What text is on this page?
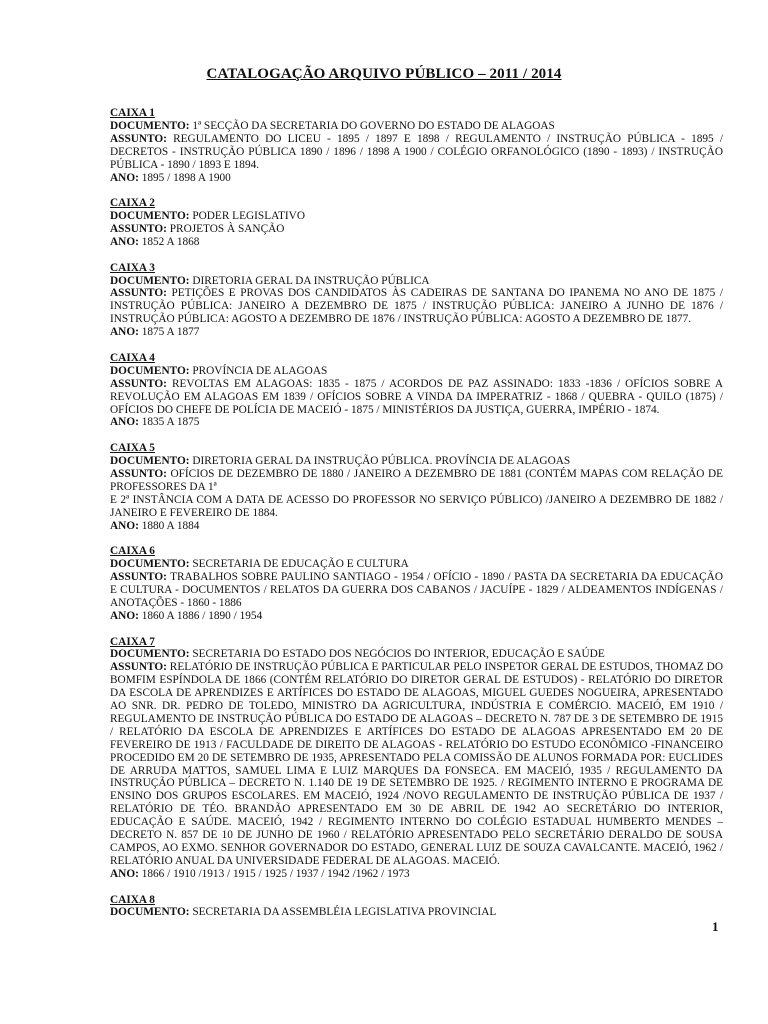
CATALOGAÇÃO ARQUIVO PÚBLICO – 2011 / 2014
CAIXA 1
DOCUMENTO: 1ª SECÇÃO DA SECRETARIA DO GOVERNO DO ESTADO DE ALAGOAS
ASSUNTO: REGULAMENTO DO LICEU - 1895 / 1897 E 1898 / REGULAMENTO / INSTRUÇÃO PÚBLICA - 1895 / DECRETOS - INSTRUÇÃO PÚBLICA 1890 / 1896 / 1898 A 1900 / COLÉGIO ORFANOLÓGICO (1890 - 1893) / INSTRUÇÃO PÚBLICA - 1890 / 1893 E 1894.
ANO: 1895 / 1898 A 1900
CAIXA 2
DOCUMENTO: PODER LEGISLATIVO
ASSUNTO: PROJETOS À SANÇÃO
ANO: 1852 A 1868
CAIXA 3
DOCUMENTO: DIRETORIA GERAL DA INSTRUÇÃO PÚBLICA
ASSUNTO: PETIÇÕES E PROVAS DOS CANDIDATOS ÀS CADEIRAS DE SANTANA DO IPANEMA NO ANO DE 1875 / INSTRUÇÃO PÚBLICA: JANEIRO A DEZEMBRO DE 1875 / INSTRUÇÃO PÚBLICA: JANEIRO A JUNHO DE 1876 / INSTRUÇÃO PÚBLICA: AGOSTO A DEZEMBRO DE 1876 / INSTRUÇÃO PÚBLICA: AGOSTO A DEZEMBRO DE 1877.
ANO: 1875 A 1877
CAIXA 4
DOCUMENTO: PROVÍNCIA DE ALAGOAS
ASSUNTO: REVOLTAS EM ALAGOAS: 1835 - 1875 / ACORDOS DE PAZ ASSINADO: 1833 -1836 / OFÍCIOS SOBRE A REVOLUÇÃO EM ALAGOAS EM 1839 / OFÍCIOS SOBRE A VINDA DA IMPERATRIZ - 1868 / QUEBRA - QUILO (1875) / OFÍCIOS DO CHEFE DE POLÍCIA DE MACEIÓ - 1875 / MINISTÉRIOS DA JUSTIÇA, GUERRA, IMPÉRIO - 1874.
ANO: 1835 A 1875
CAIXA 5
DOCUMENTO: DIRETORIA GERAL DA INSTRUÇÃO PÚBLICA. PROVÍNCIA DE ALAGOAS
ASSUNTO: OFÍCIOS DE DEZEMBRO DE 1880 / JANEIRO A DEZEMBRO DE 1881 (CONTÉM MAPAS COM RELAÇÃO DE PROFESSORES DA 1ª
E 2ª INSTÂNCIA COM A DATA DE ACESSO DO PROFESSOR NO SERVIÇO PÚBLICO) /JANEIRO A DEZEMBRO DE 1882 / JANEIRO E FEVEREIRO DE 1884.
ANO: 1880 A 1884
CAIXA 6
DOCUMENTO: SECRETARIA DE EDUCAÇÃO E CULTURA
ASSUNTO: TRABALHOS SOBRE PAULINO SANTIAGO - 1954 / OFÍCIO - 1890 / PASTA DA SECRETARIA DA EDUCAÇÃO E CULTURA - DOCUMENTOS / RELATOS DA GUERRA DOS CABANOS / JACUÍPE - 1829 / ALDEAMENTOS INDÍGENAS / ANOTAÇÕES - 1860 - 1886
ANO: 1860 A 1886 / 1890 / 1954
CAIXA 7
DOCUMENTO: SECRETARIA DO ESTADO DOS NEGÓCIOS DO INTERIOR, EDUCAÇÃO E SAÚDE
ASSUNTO: RELATÓRIO DE INSTRUÇÃO PÚBLICA E PARTICULAR PELO INSPETOR GERAL DE ESTUDOS, THOMAZ DO BOMFIM ESPÍNDOLA DE 1866 (CONTÉM RELATÓRIO DO DIRETOR GERAL DE ESTUDOS) - RELATÓRIO DO DIRETOR DA ESCOLA DE APRENDIZES E ARTÍFICES DO ESTADO DE ALAGOAS, MIGUEL GUEDES NOGUEIRA, APRESENTADO AO SNR. DR. PEDRO DE TOLEDO, MINISTRO DA AGRICULTURA, INDÚSTRIA E COMÉRCIO. MACEIÓ, EM 1910 / REGULAMENTO DE INSTRUÇÃO PÚBLICA DO ESTADO DE ALAGOAS – DECRETO N. 787 DE 3 DE SETEMBRO DE 1915 / RELATÓRIO DA ESCOLA DE APRENDIZES E ARTÍFICES DO ESTADO DE ALAGOAS APRESENTADO EM 20 DE FEVEREIRO DE 1913 / FACULDADE DE DIREITO DE ALAGOAS - RELATÓRIO DO ESTUDO ECONÔMICO -FINANCEIRO PROCEDIDO EM 20 DE SETEMBRO DE 1935, APRESENTADO PELA COMISSÃO DE ALUNOS FORMADA POR: EUCLIDES DE ARRUDA MATTOS, SAMUEL LIMA E LUIZ MARQUES DA FONSECA. EM MACEIÓ, 1935 / REGULAMENTO DA INSTRUÇÃO PÚBLICA – DECRETO N. 1.140 DE 19 DE SETEMBRO DE 1925. / REGIMENTO INTERNO E PROGRAMA DE ENSINO DOS GRUPOS ESCOLARES. EM MACEIÓ, 1924 /NOVO REGULAMENTO DE INSTRUÇÃO PÚBLICA DE 1937 / RELATÓRIO DE TÉO. BRANDÃO APRESENTADO EM 30 DE ABRIL DE 1942 AO SECRETÁRIO DO INTERIOR, EDUCAÇÃO E SAÚDE. MACEIÓ, 1942 / REGIMENTO INTERNO DO COLÉGIO ESTADUAL HUMBERTO MENDES – DECRETO N. 857 DE 10 DE JUNHO DE 1960 / RELATÓRIO APRESENTADO PELO SECRETÁRIO DERALDO DE SOUSA CAMPOS, AO EXMO. SENHOR GOVERNADOR DO ESTADO, GENERAL LUIZ DE SOUZA CAVALCANTE. MACEIÓ, 1962 / RELATÓRIO ANUAL DA UNIVERSIDADE FEDERAL DE ALAGOAS. MACEIÓ.
ANO: 1866 / 1910 /1913 / 1915 / 1925 / 1937 / 1942 /1962 / 1973
CAIXA 8
DOCUMENTO: SECRETARIA DA ASSEMBLÉIA LEGISLATIVA PROVINCIAL
1
